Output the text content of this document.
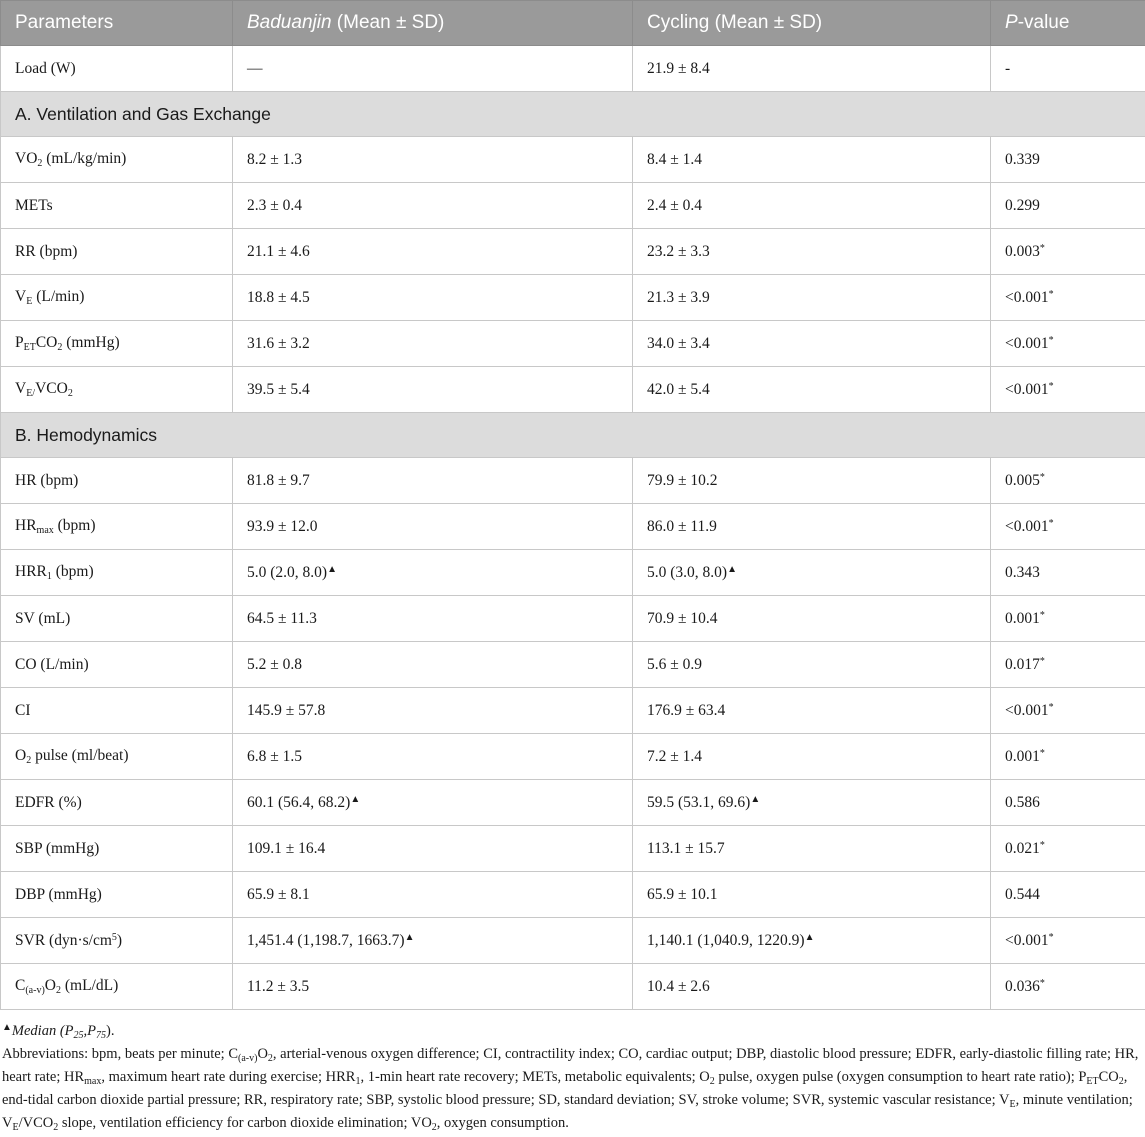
Parameters	Baduanjin (Mean ± SD)	Cycling (Mean ± SD)	P-value
Load (W)	—	21.9 ± 8.4	-
A. Ventilation and Gas Exchange			
$VO_2$ (mL/kg/min)	8.2 ± 1.3	8.4 ± 1.4	0.339
METs	2.3 ± 0.4	2.4 ± 0.4	0.299
RR (bpm)	21.1 ± 4.6	23.2 ± 3.3	0.003*
$V_E$ (L/min)	18.8 ± 4.5	21.3 ± 3.9	<0.001*
$P_{ET}CO_2$ (mmHg)	31.6 ± 3.2	34.0 ± 3.4	<0.001*
$V_{E/}VCO_2$	39.5 ± 5.4	42.0 ± 5.4	<0.001*
B. Hemodynamics			
HR (bpm)	81.8 ± 9.7	79.9 ± 10.2	0.005*
$HR_{max}$ (bpm)	93.9 ± 12.0	86.0 ± 11.9	<0.001*
$HRR_1$ (bpm)	5.0 (2.0, 8.0)▲	5.0 (3.0, 8.0)▲	0.343
SV (mL)	64.5 ± 11.3	70.9 ± 10.4	0.001*
CO (L/min)	5.2 ± 0.8	5.6 ± 0.9	0.017*
CI	145.9 ± 57.8	176.9 ± 63.4	<0.001*
$O_2$ pulse (ml/beat)	6.8 ± 1.5	7.2 ± 1.4	0.001*
EDFR (%)	60.1 (56.4, 68.2)▲	59.5 (53.1, 69.6)▲	0.586
SBP (mmHg)	109.1 ± 16.4	113.1 ± 15.7	0.021*
DBP (mmHg)	65.9 ± 8.1	65.9 ± 10.1	0.544
SVR $(dyn\cdot s/cm^5)$	1,451.4 (1,198.7, 1663.7)▲	1,140.1 (1,040.9, 1220.9)▲	<0.001*
$C_{(a-v)}O_2$ (mL/dL)	11.2 ± 3.5	10.4 ± 2.6	0.036*

▲Median $(P_{25},P_{75})$.

Abbreviations: bpm, beats per minute; $C_{(a-v)}O_2$, arterial-venous oxygen difference; CI, contractility index; CO, cardiac output; DBP, diastolic blood pressure; EDFR, early-diastolic filling rate; HR, heart rate; $HR_{max}$, maximum heart rate during exercise; $HRR_1$, 1-min heart rate recovery; METs, metabolic equivalents; $O_2$ pulse, oxygen pulse (oxygen consumption to heart rate ratio); $P_{ET}CO_2$, end-tidal carbon dioxide partial pressure; RR, respiratory rate; SBP, systolic blood pressure; SD, standard deviation; SV, stroke volume; SVR, systemic vascular resistance; $V_E$, minute ventilation; $V_E/VCO_2$ slope, ventilation efficiency for carbon dioxide elimination; $VO_2$, oxygen consumption.
